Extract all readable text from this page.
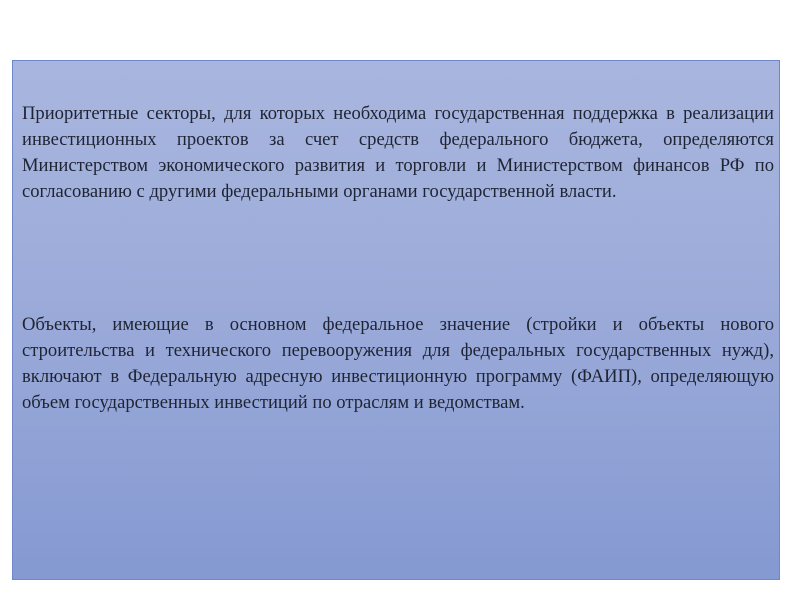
Приоритетные секторы, для которых необходима государственная поддержка в реализации инвестиционных проектов за счет средств федерального бюджета, определяются Министерством экономического развития и торговли и Министерством финансов РФ по согласованию с другими федеральными органами государственной власти.

Объекты, имеющие в основном федеральное значение (стройки и объекты нового строительства и технического перевооружения для федеральных государственных нужд), включают в Федеральную адресную инвестиционную программу (ФАИП), определяющую объем государственных инвестиций по отраслям и ведомствам.
